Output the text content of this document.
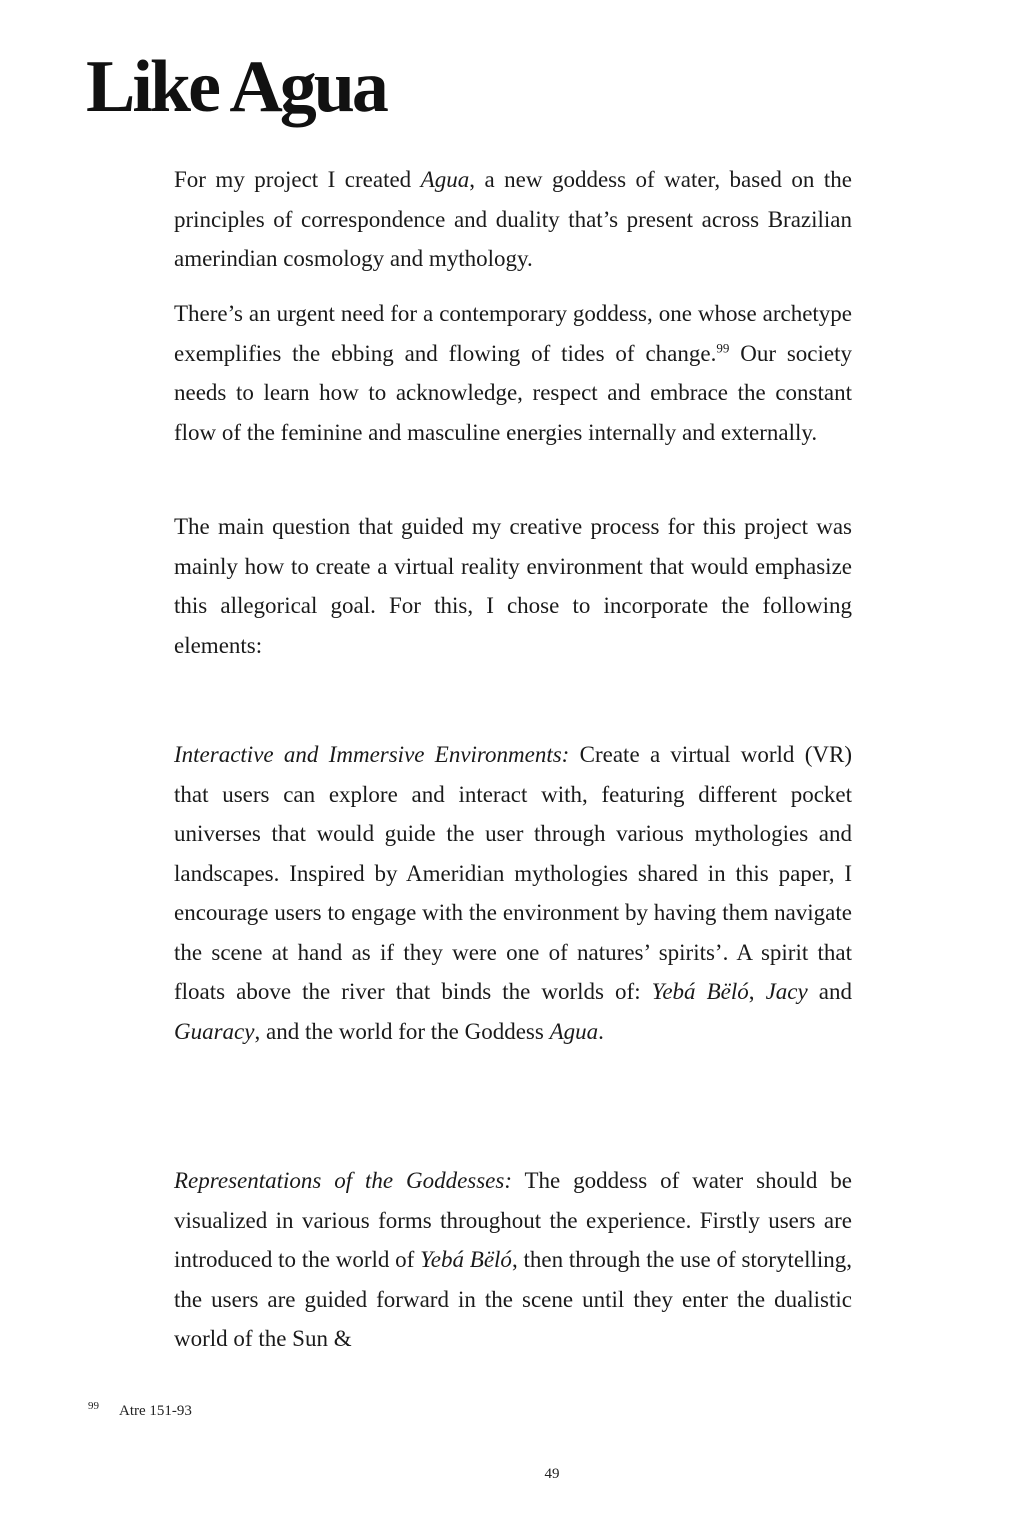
Like Agua

For my project I created Agua, a new goddess of water, based on the principles of correspondence and duality that’s present across Brazilian amerindian cosmology and mythology.

There’s an urgent need for a contemporary goddess, one whose archetype exemplifies the ebbing and flowing of tides of change.$^{99}$ Our society needs to learn how to acknowledge, respect and embrace the constant flow of the feminine and masculine energies internally and externally.

The main question that guided my creative process for this project was mainly how to create a virtual reality environment that would emphasize this allegorical goal. For this, I chose to incorporate the following elements:

Interactive and Immersive Environments: Create a virtual world (VR) that users can explore and interact with, featuring different pocket universes that would guide the user through various mythologies and landscapes. Inspired by Ameridian mythologies shared in this paper, I encourage users to engage with the environment by having them navigate the scene at hand as if they were one of natures’ spirits’. A spirit that floats above the river that binds the worlds of: Yebá Bëló, Jacy and Guaracy, and the world for the Goddess Agua.

Representations of the Goddesses: The goddess of water should be visualized in various forms throughout the experience. Firstly users are introduced to the world of Yebá Bëló, then through the use of storytelling, the users are guided forward in the scene until they enter the dualistic world of the Sun &

$^{99}$ Atre 151-93
49
